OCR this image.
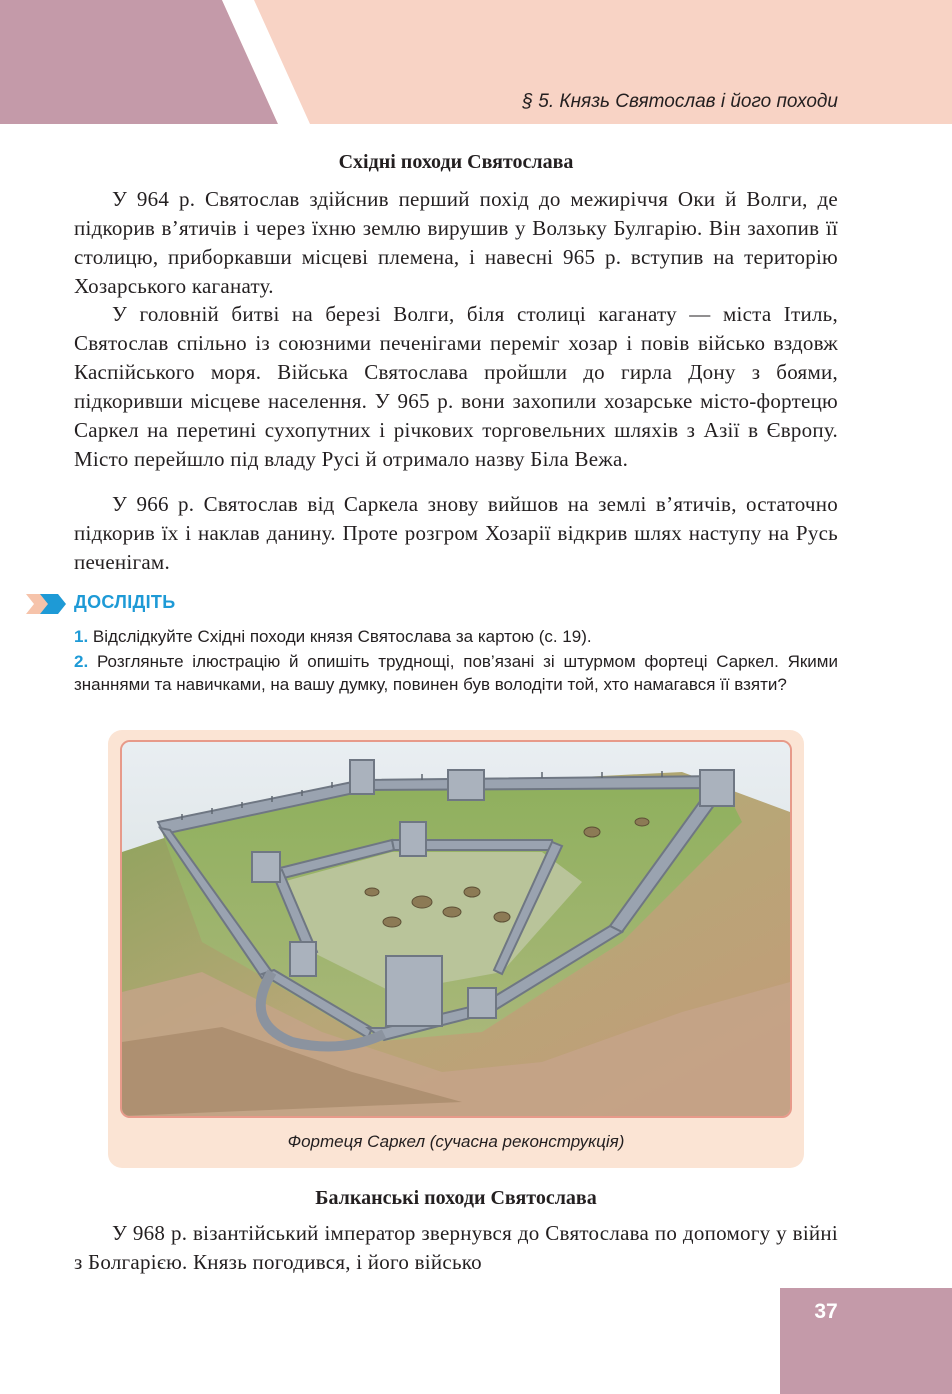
§ 5. Князь Святослав і його походи
Східні походи Святослава

У 964 р. Святослав здійснив перший похід до межиріччя Оки й Волги, де підкорив в’ятичів і через їхню землю вирушив у Волзьку Булгарію. Він захопив її столицю, приборкавши місцеві племена, і навесні 965 р. вступив на територію Хозарського каганату.

У головній битві на березі Волги, біля столиці каганату — міста Ітиль, Святослав спільно із союзними печенігами переміг хозар і повів військо вздовж Каспійського моря. Війська Святослава пройшли до гирла Дону з боями, підкоривши місцеве населення. У 965 р. вони захопили хозарське місто-фортецю Саркел на перетині сухопутних і річкових торговельних шляхів з Азії в Європу. Місто перейшло під владу Русі й отримало назву Біла Вежа.

У 966 р. Святослав від Саркела знову вийшов на землі в’ятичів, остаточно підкорив їх і наклав данину. Проте розгром Хозарії відкрив шлях наступу на Русь печенігам.

ДОСЛІДІТЬ

1. Відслідкуйте Східні походи князя Святослава за картою (с. 19).

2. Розгляньте ілюстрацію й опишіть труднощі, пов’язані зі штурмом фортеці Саркел. Якими знаннями та навичками, на вашу думку, повинен був володіти той, хто намагався її взяти?

Фортеця Саркел (сучасна реконструкція)
Балканські походи Святослава

У 968 р. візантійський імператор звернувся до Святослава по допомогу у війні з Болгарією. Князь погодився, і його військо

37
